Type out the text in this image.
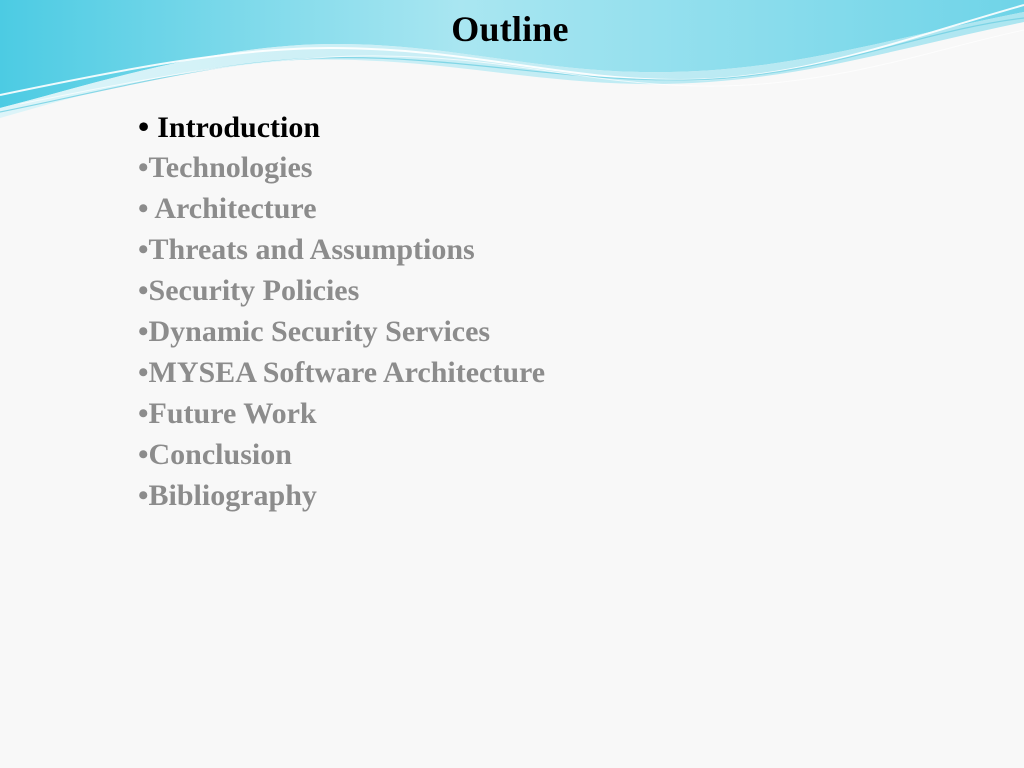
Outline
• Introduction
•Technologies
• Architecture
•Threats and Assumptions
•Security Policies
•Dynamic Security Services
•MYSEA Software Architecture
•Future Work
•Conclusion
•Bibliography
